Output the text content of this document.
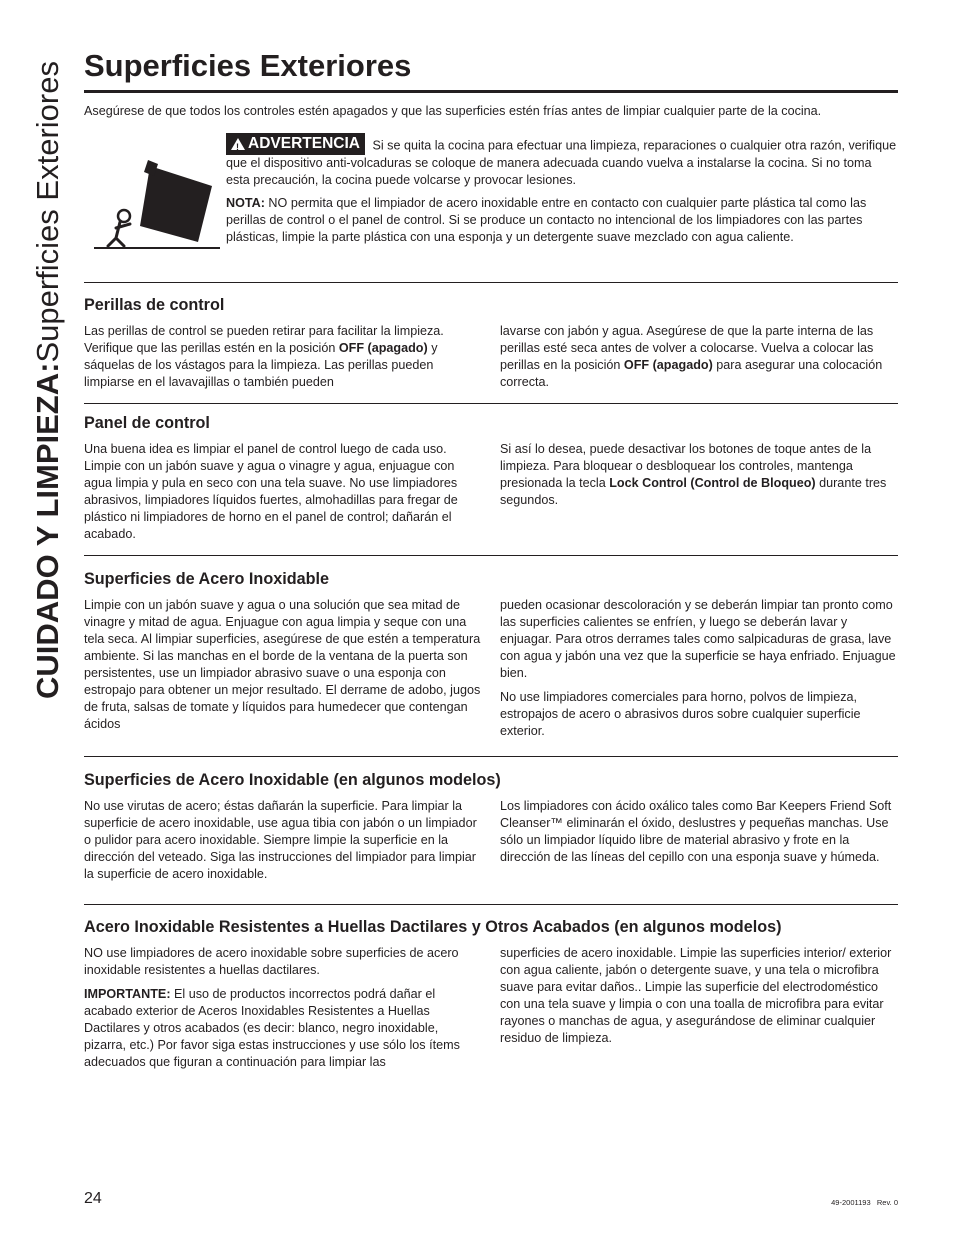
CUIDADO Y LIMPIEZA:
Superficies Exteriores Superficies Exteriores

Asegúrese de que todos los controles estén apagados y que las superficies estén frías antes de limpiar cualquier parte de la cocina.

!
ADVERTENCIA Si se quita la cocina para efectuar una limpieza, reparaciones o cualquier otra razón, verifique que el dispositivo anti-volcaduras se coloque de manera adecuada cuando vuelva a instalarse la cocina. Si no toma esta precaución, la cocina puede volcarse y provocar lesiones.

NOTA: NO permita que el limpiador de acero inoxidable entre en contacto con cualquier parte plástica tal como las perillas de control o el panel de control. Si se produce un contacto no intencional de los limpiadores con las partes plásticas, limpie la parte plástica con una esponja y un detergente suave mezclado con agua caliente.

Perillas de control

Las perillas de control se pueden retirar para facilitar la limpieza. Verifique que las perillas estén en la posición OFF (apagado) y sáquelas de los vástagos para la limpieza. Las perillas pueden limpiarse en el lavavajillas o también pueden

lavarse con jabón y agua. Asegúrese de que la parte interna de las perillas esté seca antes de volver a colocarse. Vuelva a colocar las perillas en la posición OFF (apagado) para asegurar una colocación correcta.

Panel de control

Una buena idea es limpiar el panel de control luego de cada uso. Limpie con un jabón suave y agua o vinagre y agua, enjuague con agua limpia y pula en seco con una tela suave. No use limpiadores abrasivos, limpiadores líquidos fuertes, almohadillas para fregar de plástico ni limpiadores de horno en el panel de control; dañarán el acabado.

Si así lo desea, puede desactivar los botones de toque antes de la limpieza. Para bloquear o desbloquear los controles, mantenga presionada la tecla Lock Control (Control de Bloqueo) durante tres segundos.

Superficies de Acero Inoxidable

Limpie con un jabón suave y agua o una solución que sea mitad de vinagre y mitad de agua. Enjuague con agua limpia y seque con una tela seca. Al limpiar superficies, asegúrese de que estén a temperatura ambiente. Si las manchas en el borde de la ventana de la puerta son persistentes, use un limpiador abrasivo suave o una esponja con estropajo para obtener un mejor resultado. El derrame de adobo, jugos de fruta, salsas de tomate y líquidos para humedecer que contengan ácidos

pueden ocasionar descoloración y se deberán limpiar tan pronto como las superficies calientes se enfríen, y luego se deberán lavar y enjuagar. Para otros derrames tales como salpicaduras de grasa, lave con agua y jabón una vez que la superficie se haya enfriado. Enjuague bien.

No use limpiadores comerciales para horno, polvos de limpieza, estropajos de acero o abrasivos duros sobre cualquier superficie exterior.

Superficies de Acero Inoxidable (en algunos modelos)

No use virutas de acero; éstas dañarán la superficie. Para limpiar la superficie de acero inoxidable, use agua tibia con jabón o un limpiador o pulidor para acero inoxidable. Siempre limpie la superficie en la dirección del veteado. Siga las instrucciones del limpiador para limpiar la superficie de acero inoxidable.

Los limpiadores con ácido oxálico tales como Bar Keepers Friend Soft Cleanser™ eliminarán el óxido, deslustres y pequeñas manchas. Use sólo un limpiador líquido libre de material abrasivo y frote en la dirección de las líneas del cepillo con una esponja suave y húmeda.

Acero Inoxidable Resistentes a Huellas Dactilares y Otros Acabados (en algunos modelos)

NO use limpiadores de acero inoxidable sobre superficies de acero inoxidable resistentes a huellas dactilares.

IMPORTANTE: El uso de productos incorrectos podrá dañar el acabado exterior de Aceros Inoxidables Resistentes a Huellas Dactilares y otros acabados (es decir: blanco, negro inoxidable, pizarra, etc.) Por favor siga estas instrucciones y use sólo los ítems adecuados que figuran a continuación para limpiar las

superficies de acero inoxidable. Limpie las superficies interior/ exterior con agua caliente, jabón o detergente suave, y una tela o microfibra suave para evitar daños.. Limpie las superficie del electrodoméstico con una tela suave y limpia o con una toalla de microfibra para evitar rayones o manchas de agua, y asegurándose de eliminar cualquier residuo de limpieza.

24	49-2001193   Rev. 0
